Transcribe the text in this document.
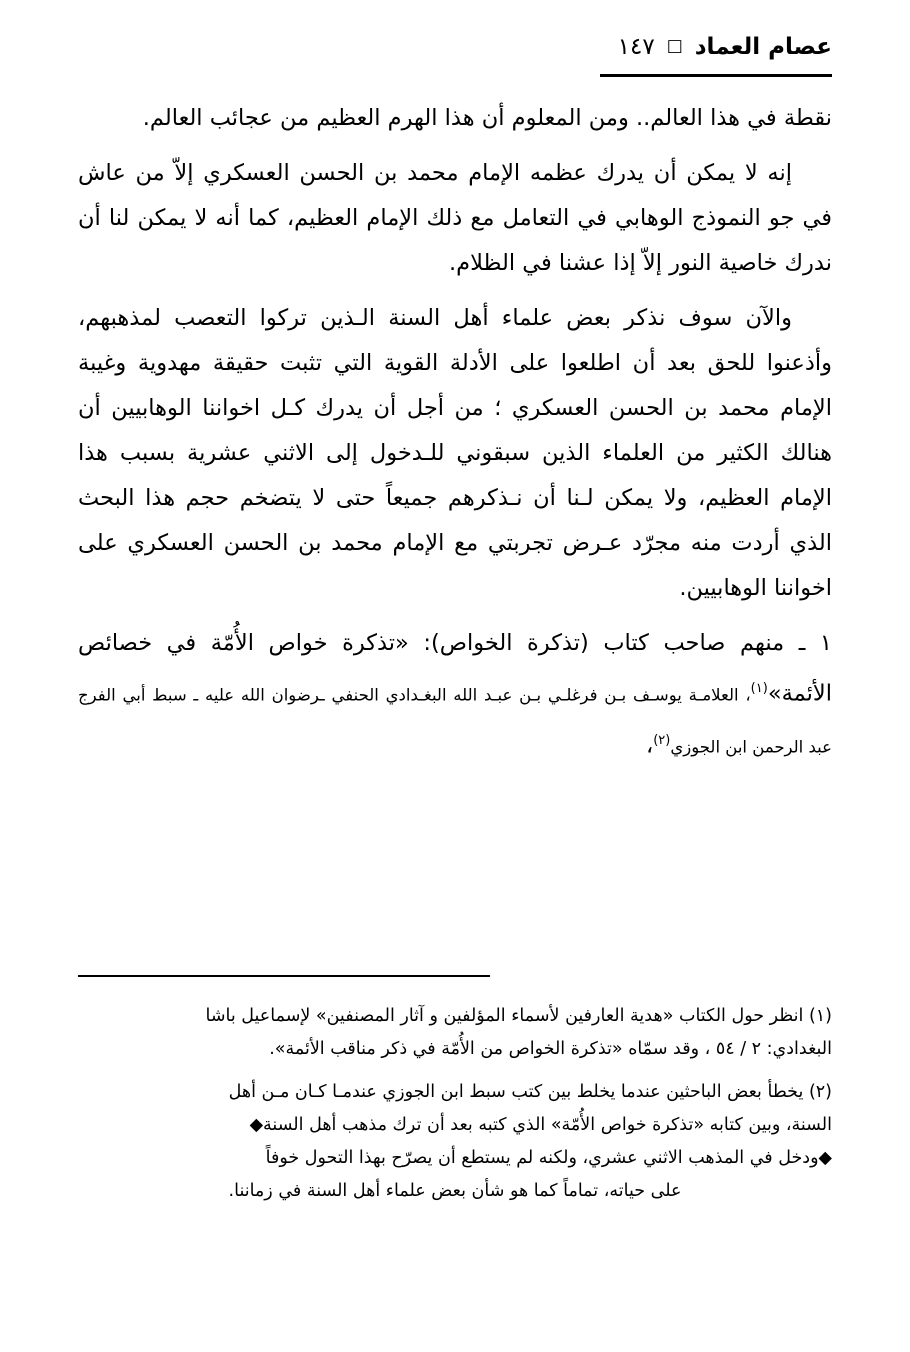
عصام العماد
□
١٤٧

نقطة في هذا العالم.. ومن المعلوم أن هذا الهرم العظيم من عجائب العالم.

إنه لا يمكن أن يدرك عظمه الإمام محمد بن الحسن العسكري إلاّ من عاش في جو النموذج الوهابي في التعامل مع ذلك الإمام العظيم، كما أنه لا يمكن لنا أن ندرك خاصية النور إلاّ إذا عشنا في الظلام.

والآن سوف نذكر بعض علماء أهل السنة الـذين تركوا التعصب لمذهبهم، وأذعنوا للحق بعد أن اطلعوا على الأدلة القوية التي تثبت حقيقة مهدوية وغيبة الإمام محمد بن الحسن العسكري ؛ من أجل أن يدرك كـل اخواننا الوهابيين أن هنالك الكثير من العلماء الذين سبقوني للـدخول إلى الاثني عشرية بسبب هذا الإمام العظيم، ولا يمكن لـنا أن نـذكرهم جميعاً حتى لا يتضخم حجم هذا البحث الذي أردت منه مجرّد عـرض تجربتي مع الإمام محمد بن الحسن العسكري على اخواننا الوهابيين.

١ ـ منهم صاحب كتاب (تذكرة الخواص): «تذكرة خواص الأُمّة في خصائص الأئمة»$^{(١)}$، العلامـة يوسـف بـن فرغلـي بـن عبـد الله البغـدادي الحنفي ـرضوان الله عليه ـ سبط أبي الفرج عبد الرحمن ابن الجوزي$^{(٢)}$،

(١) انظر حول الكتاب «هدية العارفين لأسماء المؤلفين و آثار المصنفين» لإسماعيل باشا
البغدادي: ٢ / ٥٤ ، وقد سمّاه «تذكرة الخواص من الأُمّة في ذكر مناقب الأئمة».

(٢) يخطأ بعض الباحثين عندما يخلط بين كتب سبط ابن الجوزي عندمـا كـان مـن أهل
السنة، وبين كتابه «تذكرة خواص الأُمّة» الذي كتبه بعد أن ترك مذهب أهل السنة◆
◆ودخل في المذهب الاثني عشري، ولكنه لم يستطع أن يصرّح بهذا التحول خوفاً
على حياته، تماماً كما هو شأن بعض علماء أهل السنة في زماننا.
